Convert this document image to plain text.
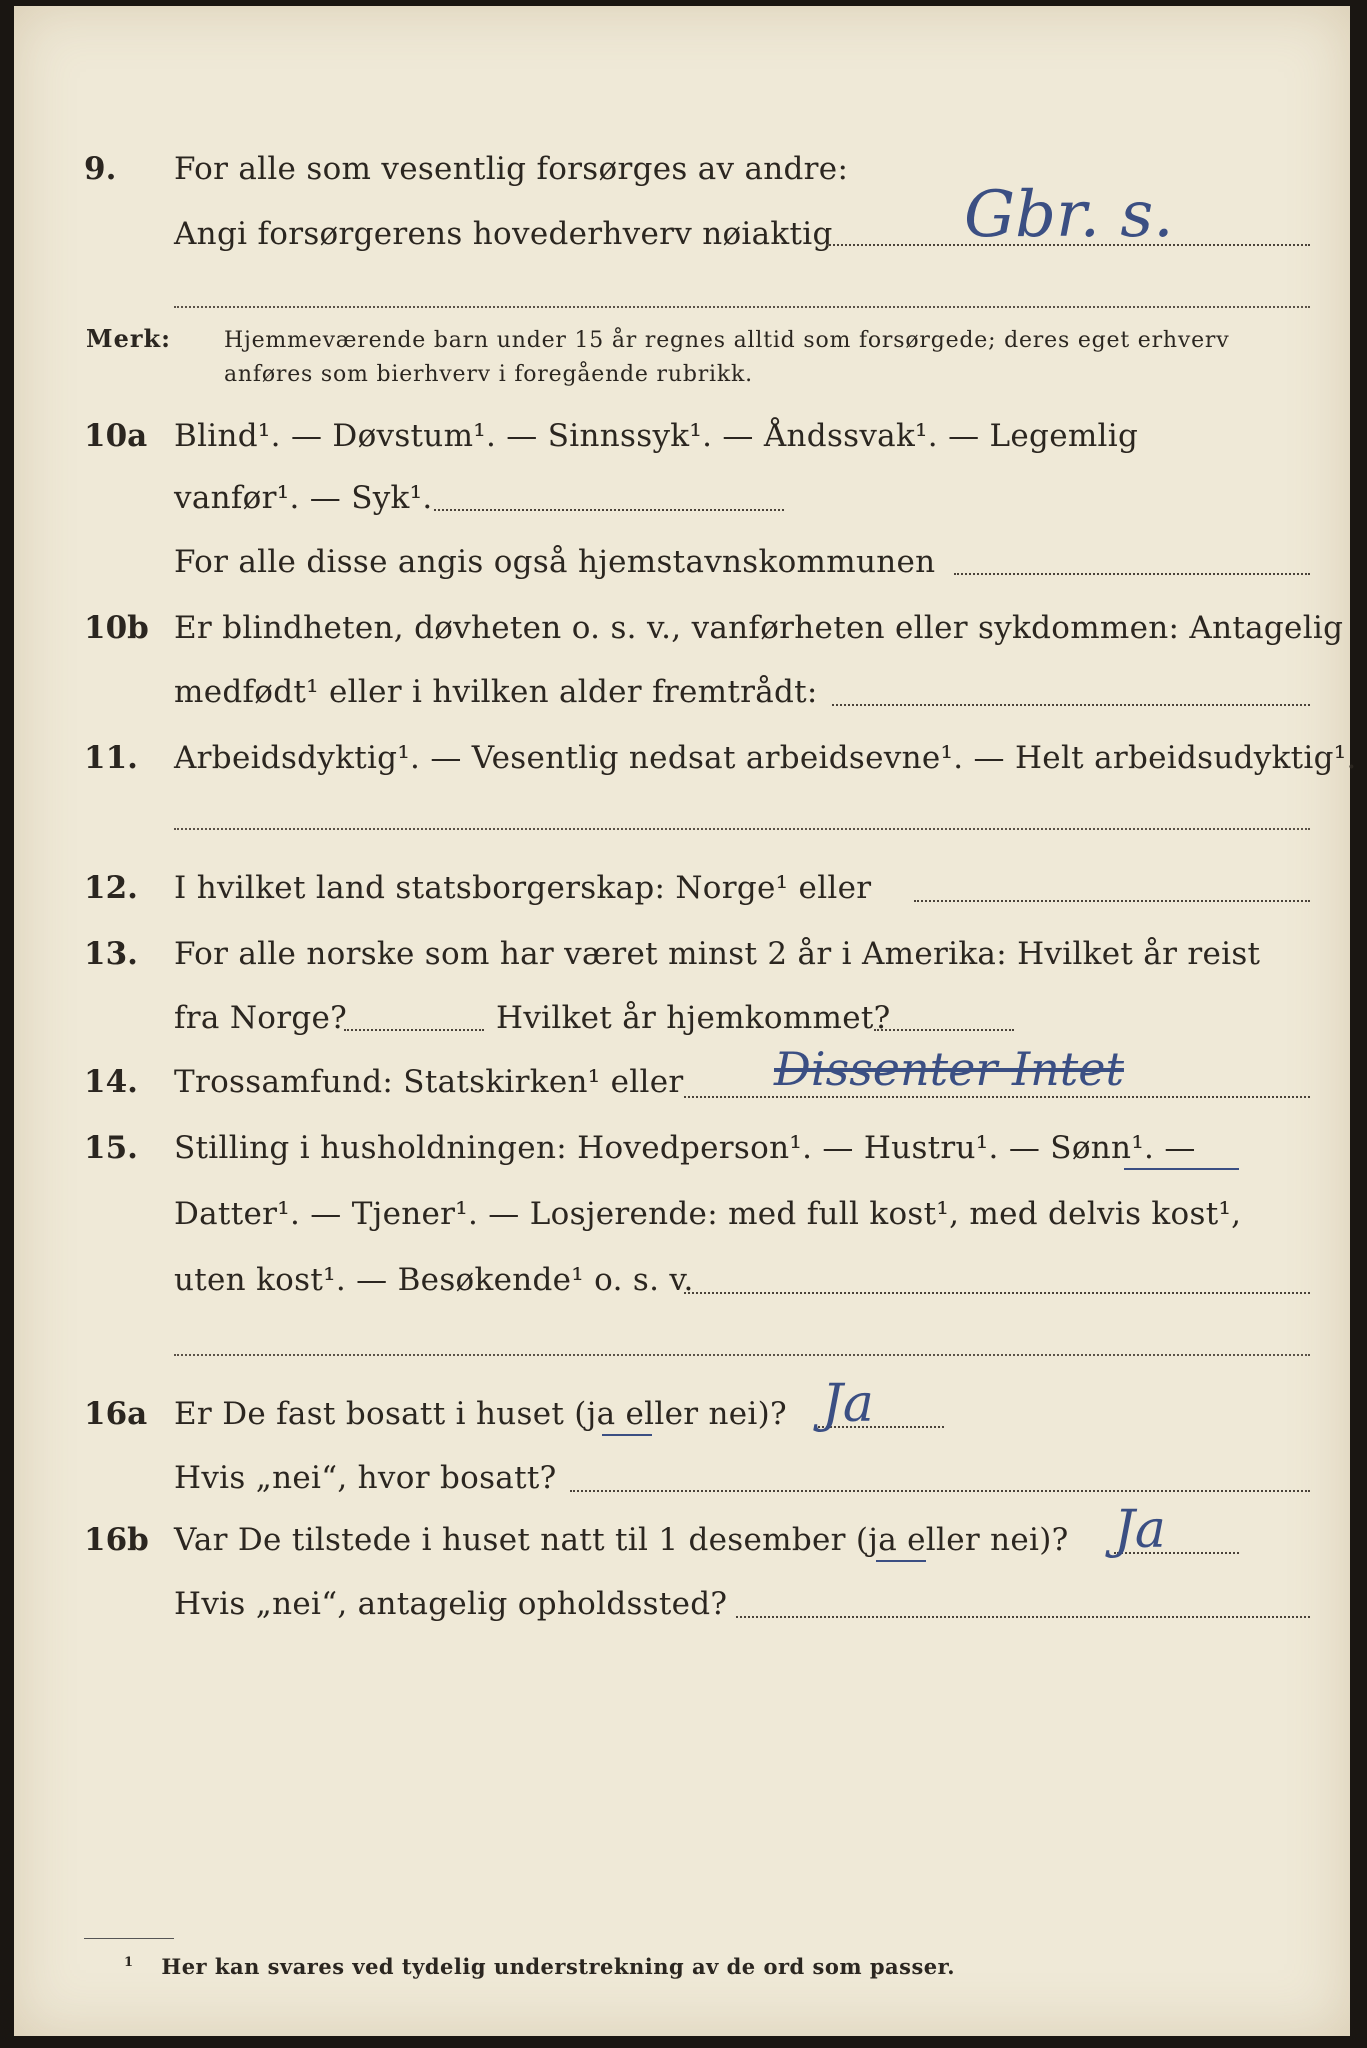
9. For alle som vesentlig forsørges av andre:
Angi forsørgerens hovederhverv nøiaktig Gbr. s.
Merk: Hjemmeværende barn under 15 år regnes alltid som forsørgede; deres eget erhverv
anføres som bierhverv i foregående rubrikk.
10a Blind¹. — Døvstum¹. — Sinnssyk¹. — Åndssvak¹. — Legemlig
vanfør¹. — Syk¹.
For alle disse angis også hjemstavnskommunen
10b Er blindheten, døvheten o. s. v., vanførheten eller sykdommen: Antagelig
medfødt¹ eller i hvilken alder fremtrådt:
11. Arbeidsdyktig¹. — Vesentlig nedsat arbeidsevne¹. — Helt arbeidsudyktig¹.
12. I hvilket land statsborgerskap: Norge¹ eller
13. For alle norske som har været minst 2 år i Amerika: Hvilket år reist
fra Norge?	Hvilket år hjemkommet?
14. Trossamfund: Statskirken¹ eller Dissenter Intet
15. Stilling i husholdningen: Hovedperson¹. — Hustru¹. — Sønn¹. —
Datter¹. — Tjener¹. — Losjerende: med full kost¹, med delvis kost¹,
uten kost¹. — Besøkende¹ o. s. v.
16a Er De fast bosatt i huset (ja eller nei)? Ja
Hvis „nei“, hvor bosatt?
16b Var De tilstede i huset natt til 1 desember (ja eller nei)? Ja
Hvis „nei“, antagelig opholdssted?
$^1$ Her kan svares ved tydelig understrekning av de ord som passer.
